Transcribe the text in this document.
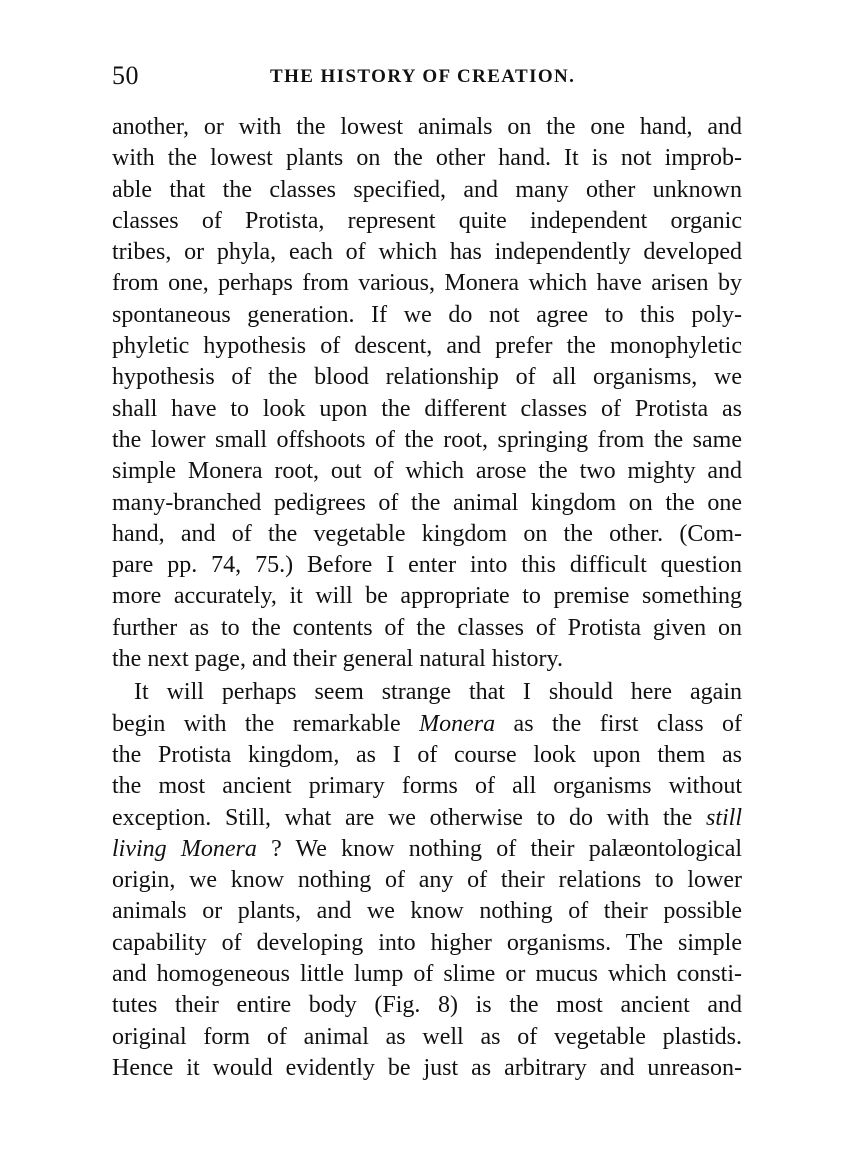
50	THE HISTORY OF CREATION.
another, or with the lowest animals on the one hand, and
with the lowest plants on the other hand. It is not improb-
able that the classes specified, and many other unknown
classes of Protista, represent quite independent organic
tribes, or phyla, each of which has independently developed
from one, perhaps from various, Monera which have arisen by
spontaneous generation. If we do not agree to this poly-
phyletic hypothesis of descent, and prefer the monophyletic
hypothesis of the blood relationship of all organisms, we
shall have to look upon the different classes of Protista as
the lower small offshoots of the root, springing from the same
simple Monera root, out of which arose the two mighty and
many-branched pedigrees of the animal kingdom on the one
hand, and of the vegetable kingdom on the other. (Com-
pare pp. 74, 75.) Before I enter into this difficult question
more accurately, it will be appropriate to premise something
further as to the contents of the classes of Protista given on
the next page, and their general natural history.
It will perhaps seem strange that I should here again
begin with the remarkable Monera as the first class of
the Protista kingdom, as I of course look upon them as
the most ancient primary forms of all organisms without
exception. Still, what are we otherwise to do with the still
living Monera ? We know nothing of their palæontological
origin, we know nothing of any of their relations to lower
animals or plants, and we know nothing of their possible
capability of developing into higher organisms. The simple
and homogeneous little lump of slime or mucus which consti-
tutes their entire body (Fig. 8) is the most ancient and
original form of animal as well as of vegetable plastids.
Hence it would evidently be just as arbitrary and unreason-
